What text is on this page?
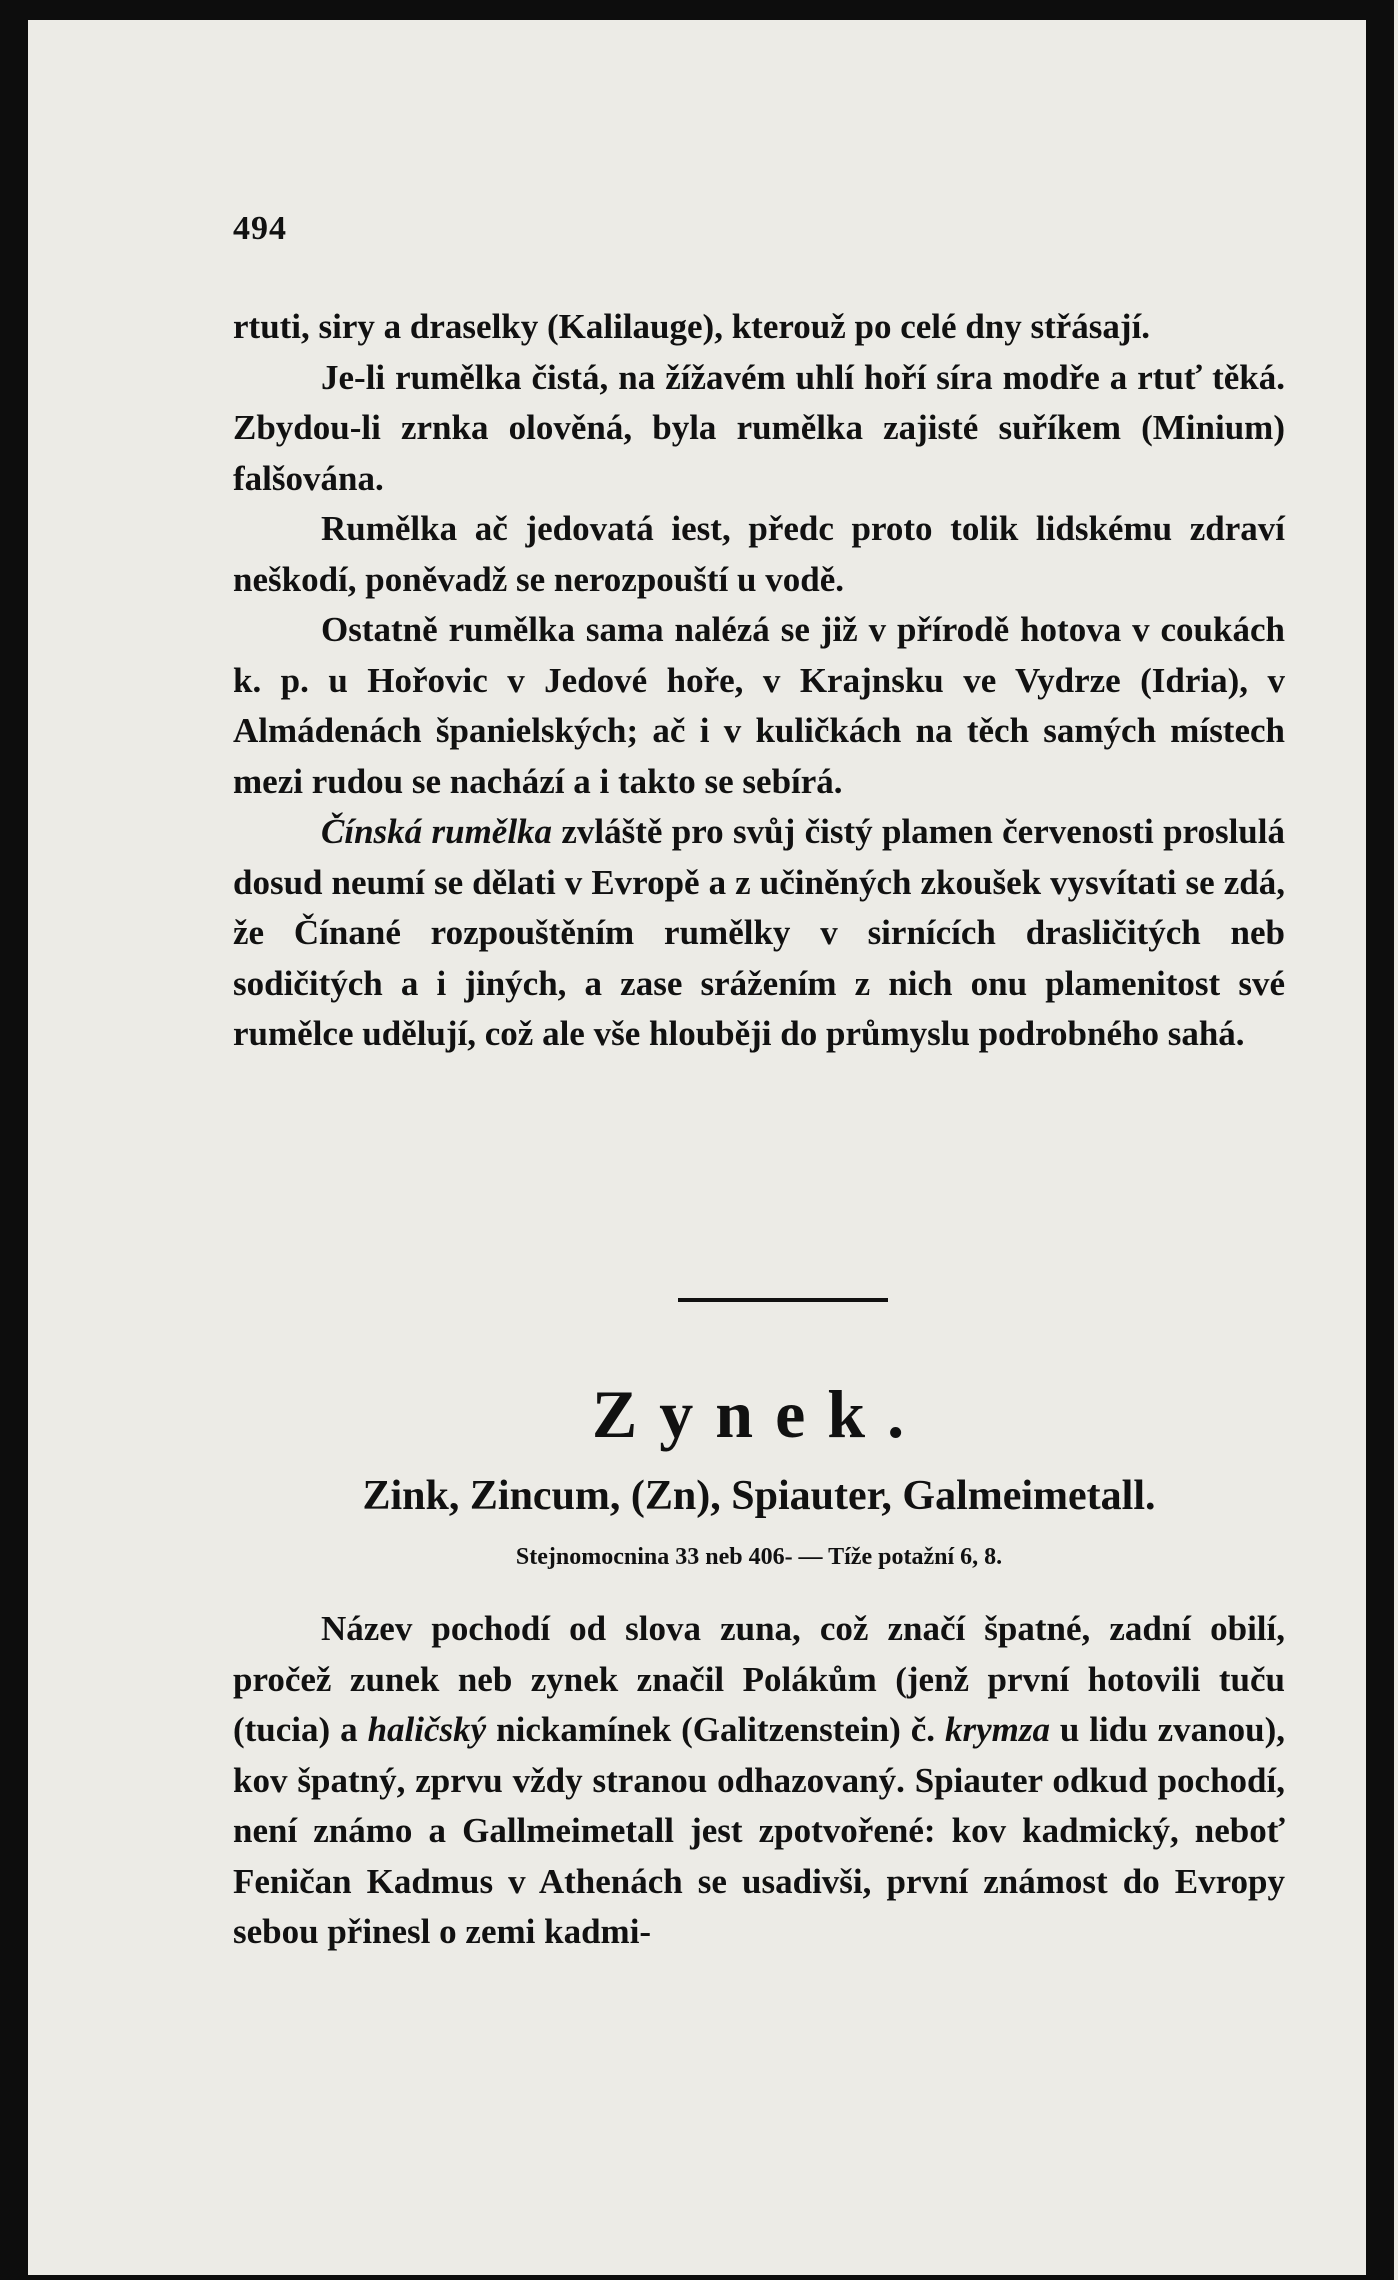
494

rtuti, siry a draselky (Kalilauge), kterouž po celé dny střásají.

Je-li rumělka čistá, na žížavém uhlí hoří síra modře a rtuť těká. Zbydou-li zrnka olověná, byla rumělka zajisté suříkem (Minium) falšována.

Rumělka ač jedovatá iest, předc proto tolik lidskému zdraví neškodí, poněvadž se nerozpouští u vodě.

Ostatně rumělka sama nalézá se již v přírodě hotova v coukách k. p. u Hořovic v Jedové hoře, v Krajnsku ve Vydrze (Idria), v Almádenách španielských; ač i v kuličkách na těch samých místech mezi rudou se nachází a i takto se sebírá.

Čínská rumělka zvláště pro svůj čistý plamen červenosti proslulá dosud neumí se dělati v Evropě a z učiněných zkoušek vysvítati se zdá, že Čínané rozpouštěním rumělky v sirnících drasličitých neb sodičitých a i jiných, a zase srážením z nich onu plamenitost své rumělce udělují, což ale vše hlouběji do průmyslu podrobného sahá.

Zynek.
Zink, Zincum, (Zn), Spiauter, Galmeimetall.
Stejnomocnina 33 neb 406- — Tíže potažní 6, 8.

Název pochodí od slova zuna, což značí špatné, zadní obilí, pročež zunek neb zynek značil Polákům (jenž první hotovili tuču (tucia) a haličský nickamínek (Galitzenstein) č. krymza u lidu zvanou), kov špatný, zprvu vždy stranou odhazovaný. Spiauter odkud pochodí, není známo a Gallmeimetall jest zpotvořené: kov kadmický, neboť Feničan Kadmus v Athenách se usadivši, první známost do Evropy sebou přinesl o zemi kadmi-
